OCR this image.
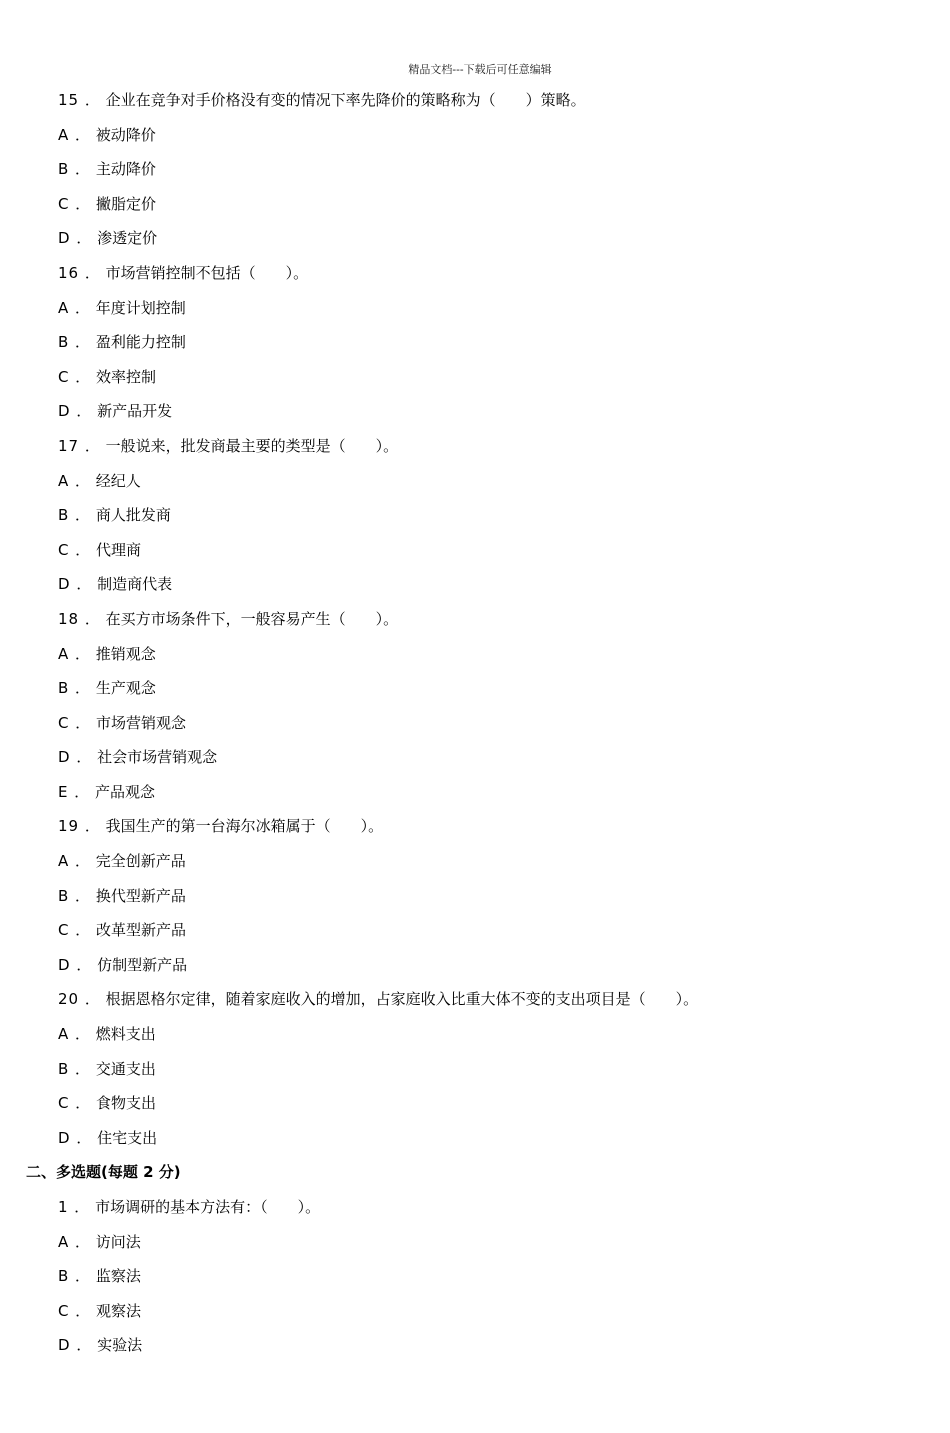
精品文档---下载后可任意编辑
15 ． 企业在竞争对手价格没有变的情况下率先降价的策略称为（　　）策略。
A ． 被动降价
B ． 主动降价
C ． 撇脂定价
D ． 渗透定价
16 ． 市场营销控制不包括（　　）。
A ． 年度计划控制
B ． 盈利能力控制
C ． 效率控制
D ． 新产品开发
17 ． 一般说来，批发商最主要的类型是（　　）。
A ． 经纪人
B ． 商人批发商
C ． 代理商
D ． 制造商代表
18 ． 在买方市场条件下，一般容易产生（　　）。
A ． 推销观念
B ． 生产观念
C ． 市场营销观念
D ． 社会市场营销观念
E ． 产品观念
19 ． 我国生产的第一台海尔冰箱属于（　　）。
A ． 完全创新产品
B ． 换代型新产品
C ． 改革型新产品
D ． 仿制型新产品
20 ． 根据恩格尔定律，随着家庭收入的增加，占家庭收入比重大体不变的支出项目是（　　）。
A ． 燃料支出
B ． 交通支出
C ． 食物支出
D ． 住宅支出
二、多选题(每题 2 分)
1 ． 市场调研的基本方法有：（　　）。
A ． 访问法
B ． 监察法
C ． 观察法
D ． 实验法
